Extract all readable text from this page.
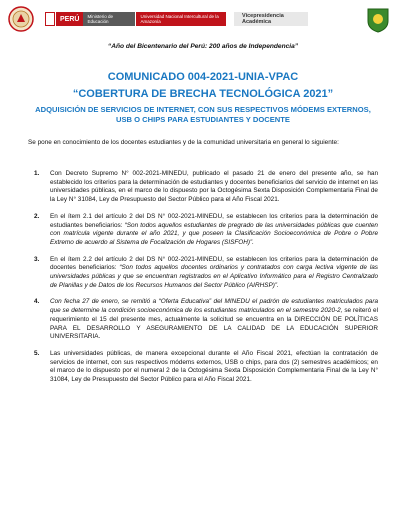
PERÚ	Ministerio de Educación
Universidad Nacional Intercultural de la Amazonía
Vicepresidencia Académica
“Año del Bicentenario del Perú: 200 años de Independencia”
COMUNICADO 004-2021-UNIA-VPAC
“COBERTURA DE BRECHA TECNOLÓGICA 2021”
ADQUISICIÓN DE SERVICIOS DE INTERNET, CON SUS RESPECTIVOS MÓDEMS EXTERNOS, USB O CHIPS PARA ESTUDIANTES Y DOCENTE
Se pone en conocimiento de los docentes estudiantes y de la comunidad universitaria en general lo siguiente:
1.	Con Decreto Supremo N° 002-2021-MINEDU, publicado el pasado 21 de enero del presente año, se han establecido los criterios para la determinación de estudiantes y docentes beneficiarios del servicio de internet en las universidades públicas, en el marco de lo dispuesto por la Octogésima Sexta Disposición Complementaria Final de la Ley N° 31084, Ley de Presupuesto del Sector Público para el Año Fiscal 2021.
2.	En el ítem 2.1 del artículo 2 del DS N° 002-2021-MINEDU, se establecen los criterios para la determinación de estudiantes beneficiarios: “Son todos aquellos estudiantes de pregrado de las universidades públicas que cuenten con matrícula vigente durante el año 2021, y que poseen la Clasificación Socioeconómica de Pobre o Pobre Extremo de acuerdo al Sistema de Focalización de Hogares (SISFOH)”.
3.	En el ítem 2.2 del artículo 2 del DS N° 002-2021-MINEDU, se establecen los criterios para la determinación de docentes beneficiarios: “Son todos aquellos docentes ordinarios y contratados con carga lectiva vigente de las universidades públicas y que se encuentran registrados en el Aplicativo Informático para el Registro Centralizado de Planillas y de Datos de los Recursos Humanos del Sector Público (AIRHSP)”.
4.	Con fecha 27 de enero, se remitió a “Oferta Educativa” del MINEDU el padrón de estudiantes matriculados para que se determine la condición socioeconómica de los estudiantes matriculados en el semestre 2020-2, se reiteró el requerimiento el 15 del presente mes, actualmente la solicitud se encuentra en la DIRECCIÓN DE POLÍTICAS PARA EL DESARROLLO Y ASEGURAMIENTO DE LA CALIDAD DE LA EDUCACIÓN SUPERIOR UNIVERSITARIA.
5.	Las universidades públicas, de manera excepcional durante el Año Fiscal 2021, efectúan la contratación de servicios de internet, con sus respectivos módems externos, USB o chips, para dos (2) semestres académicos; en el marco de lo dispuesto por el numeral 2 de la Octogésima Sexta Disposición Complementaria Final de la Ley N° 31084, Ley de Presupuesto del Sector Público para el Año Fiscal 2021.
